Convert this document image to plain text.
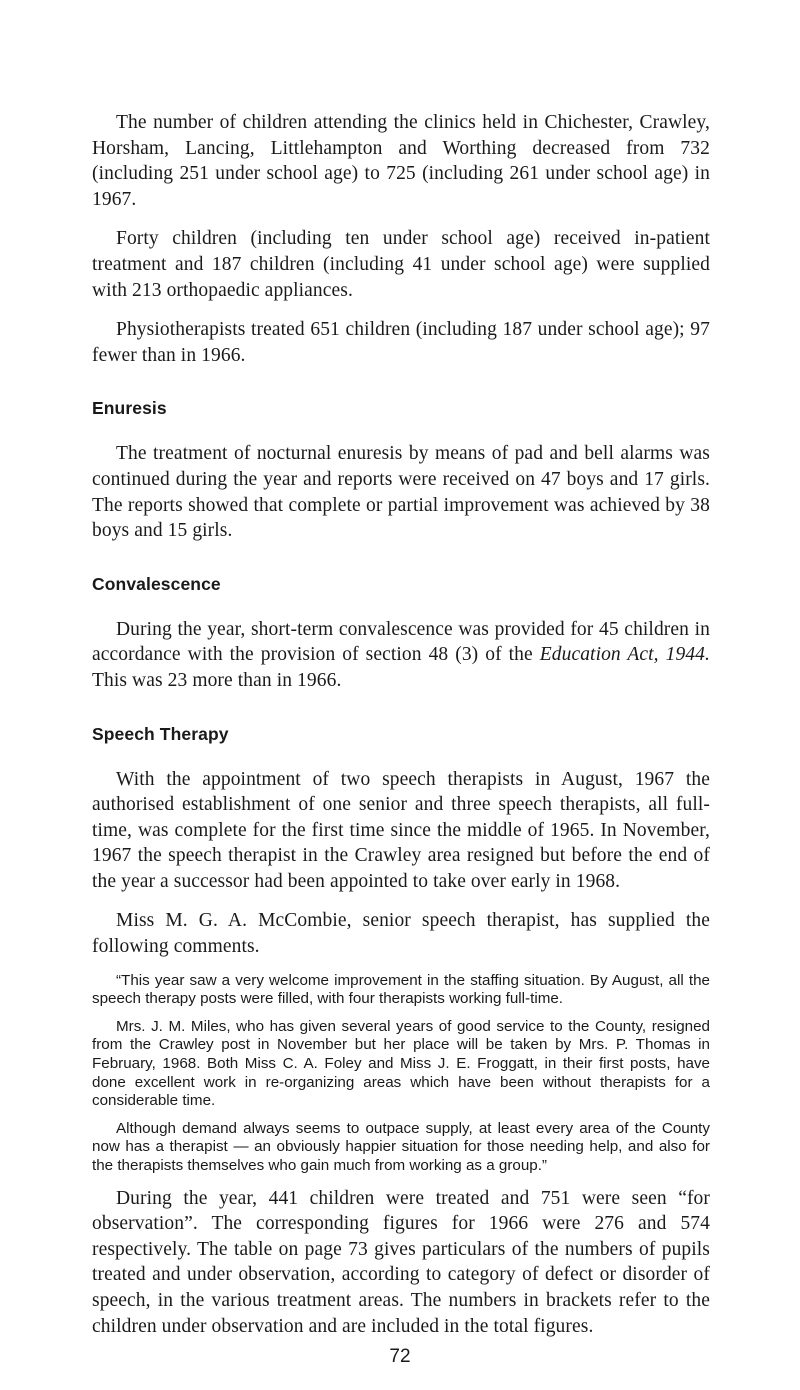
The number of children attending the clinics held in Chichester, Crawley, Horsham, Lancing, Littlehampton and Worthing decreased from 732 (including 251 under school age) to 725 (including 261 under school age) in 1967.

Forty children (including ten under school age) received in-patient treatment and 187 children (including 41 under school age) were supplied with 213 orthopaedic appliances.

Physiotherapists treated 651 children (including 187 under school age); 97 fewer than in 1966.

Enuresis

The treatment of nocturnal enuresis by means of pad and bell alarms was continued during the year and reports were received on 47 boys and 17 girls. The reports showed that complete or partial improvement was achieved by 38 boys and 15 girls.

Convalescence

During the year, short-term convalescence was provided for 45 children in accordance with the provision of section 48 (3) of the Education Act, 1944. This was 23 more than in 1966.

Speech Therapy

With the appointment of two speech therapists in August, 1967 the authorised establishment of one senior and three speech therapists, all full-time, was complete for the first time since the middle of 1965. In November, 1967 the speech therapist in the Crawley area resigned but before the end of the year a successor had been appointed to take over early in 1968.

Miss M. G. A. McCombie, senior speech therapist, has supplied the following comments.

“This year saw a very welcome improvement in the staffing situation. By August, all the speech therapy posts were filled, with four therapists working full-time.

Mrs. J. M. Miles, who has given several years of good service to the County, resigned from the Crawley post in November but her place will be taken by Mrs. P. Thomas in February, 1968. Both Miss C. A. Foley and Miss J. E. Froggatt, in their first posts, have done excellent work in re-organizing areas which have been without therapists for a considerable time.

Although demand always seems to outpace supply, at least every area of the County now has a therapist — an obviously happier situation for those needing help, and also for the therapists themselves who gain much from working as a group.”

During the year, 441 children were treated and 751 were seen “for observation”. The corresponding figures for 1966 were 276 and 574 respectively. The table on page 73 gives particulars of the numbers of pupils treated and under observation, according to category of defect or disorder of speech, in the various treatment areas. The numbers in brackets refer to the children under observation and are included in the total figures.

72
